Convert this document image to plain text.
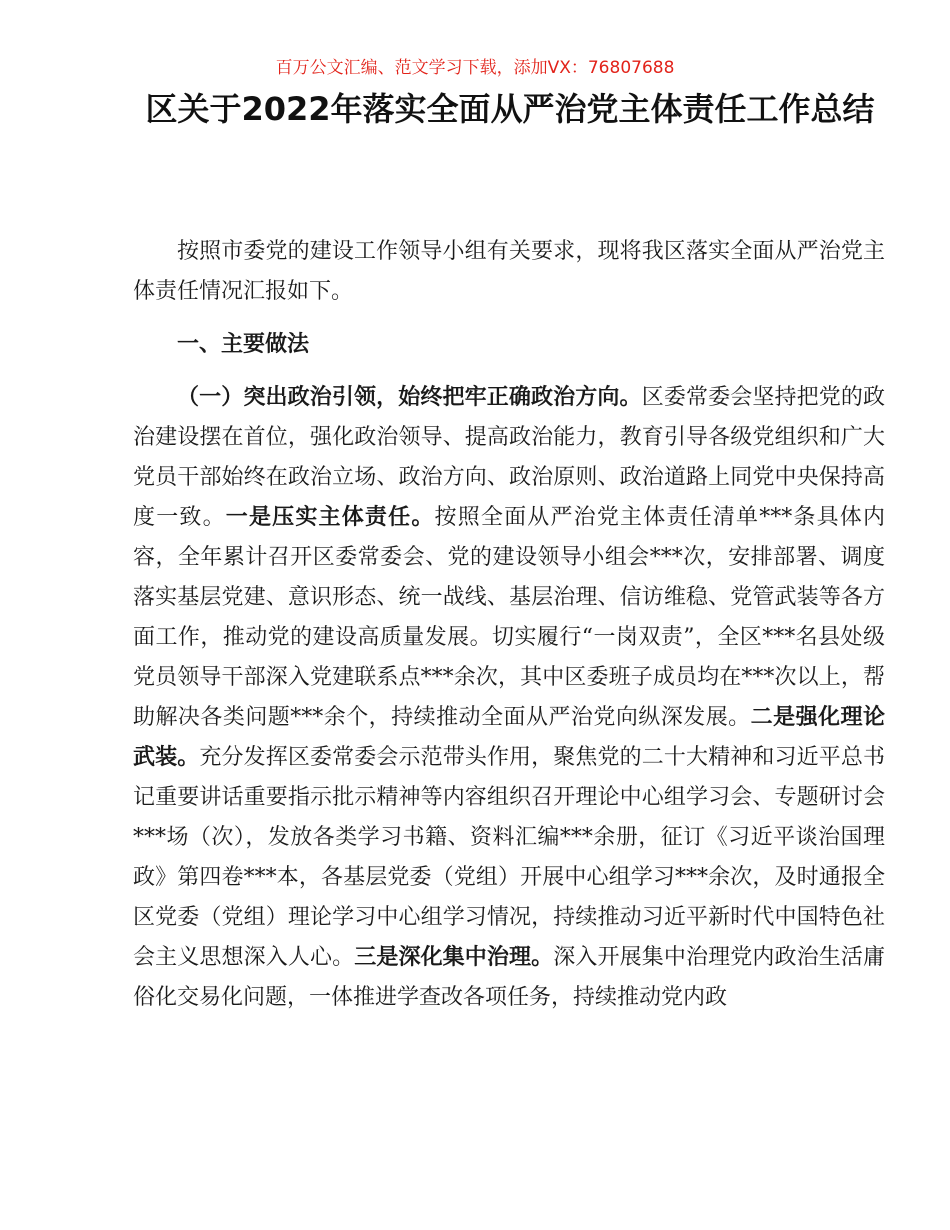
百万公文汇编、范文学习下载，添加VX：76807688

区关于2022年落实全面从严治党主体责任工作总结

按照市委党的建设工作领导小组有关要求，现将我区落实全面从严治党主体责任情况汇报如下。

一、主要做法

（一）突出政治引领，始终把牢正确政治方向。区委常委会坚持把党的政治建设摆在首位，强化政治领导、提高政治能力，教育引导各级党组织和广大党员干部始终在政治立场、政治方向、政治原则、政治道路上同党中央保持高度一致。一是压实主体责任。按照全面从严治党主体责任清单***条具体内容，全年累计召开区委常委会、党的建设领导小组会***次，安排部署、调度落实基层党建、意识形态、统一战线、基层治理、信访维稳、党管武装等各方面工作，推动党的建设高质量发展。切实履行“一岗双责”，全区***名县处级党员领导干部深入党建联系点***余次，其中区委班子成员均在***次以上，帮助解决各类问题***余个，持续推动全面从严治党向纵深发展。二是强化理论武装。充分发挥区委常委会示范带头作用，聚焦党的二十大精神和习近平总书记重要讲话重要指示批示精神等内容组织召开理论中心组学习会、专题研讨会***场（次），发放各类学习书籍、资料汇编***余册，征订《习近平谈治国理政》第四卷***本，各基层党委（党组）开展中心组学习***余次，及时通报全区党委（党组）理论学习中心组学习情况，持续推动习近平新时代中国特色社会主义思想深入人心。三是深化集中治理。深入开展集中治理党内政治生活庸俗化交易化问题，一体推进学查改各项任务，持续推动党内政
